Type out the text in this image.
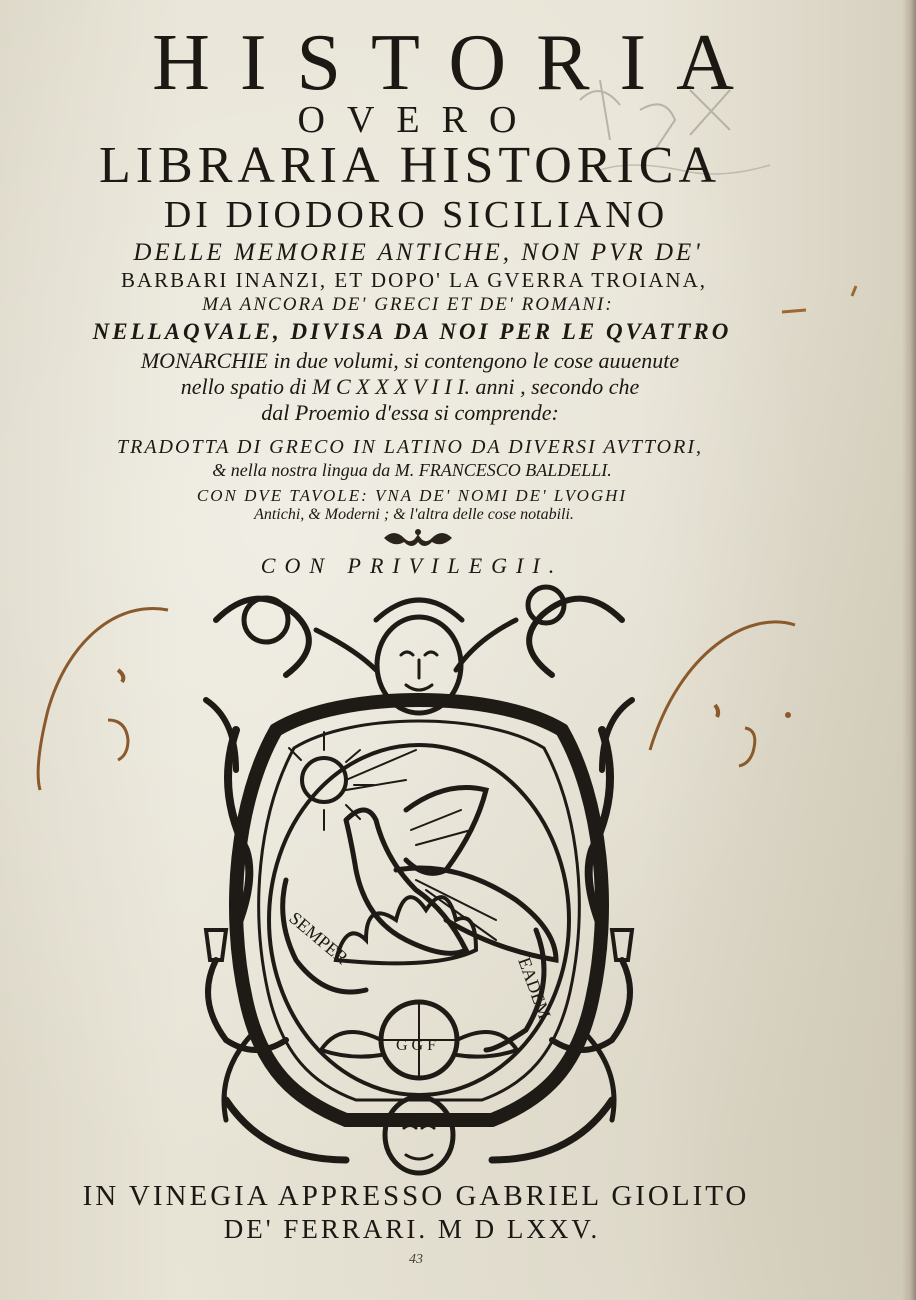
HISTORIA
OVERO
LIBRARIA HISTORICA
DI DIODORO SICILIANO
DELLE MEMORIE ANTICHE, NON PVR DE'
BARBARI INANZI, ET DOPO' LA GVERRA TROIANA,
MA ANCORA DE' GRECI ET DE' ROMANI:
NELLAQVALE, DIVISA DA NOI PER LE QVATTRO
MONARCHIE in due volumi, si contengono le cose auuenute
nello spatio di M C X X X V I I I. anni , secondo che
dal Proemio d'essa si comprende:
TRADOTTA DI GRECO IN LATINO DA DIVERSI AVTTORI,
& nella nostra lingua da M. FRANCESCO BALDELLI.
CON DVE TAVOLE: VNA DE' NOMI DE' LVOGHI
Antichi, & Moderni ; & l'altra delle cose notabili.
CON PRIVILEGII.
SEMPER
EADEM
G G F
IN VINEGIA APPRESSO GABRIEL GIOLITO
DE' FERRARI. M D LXXV.
43
